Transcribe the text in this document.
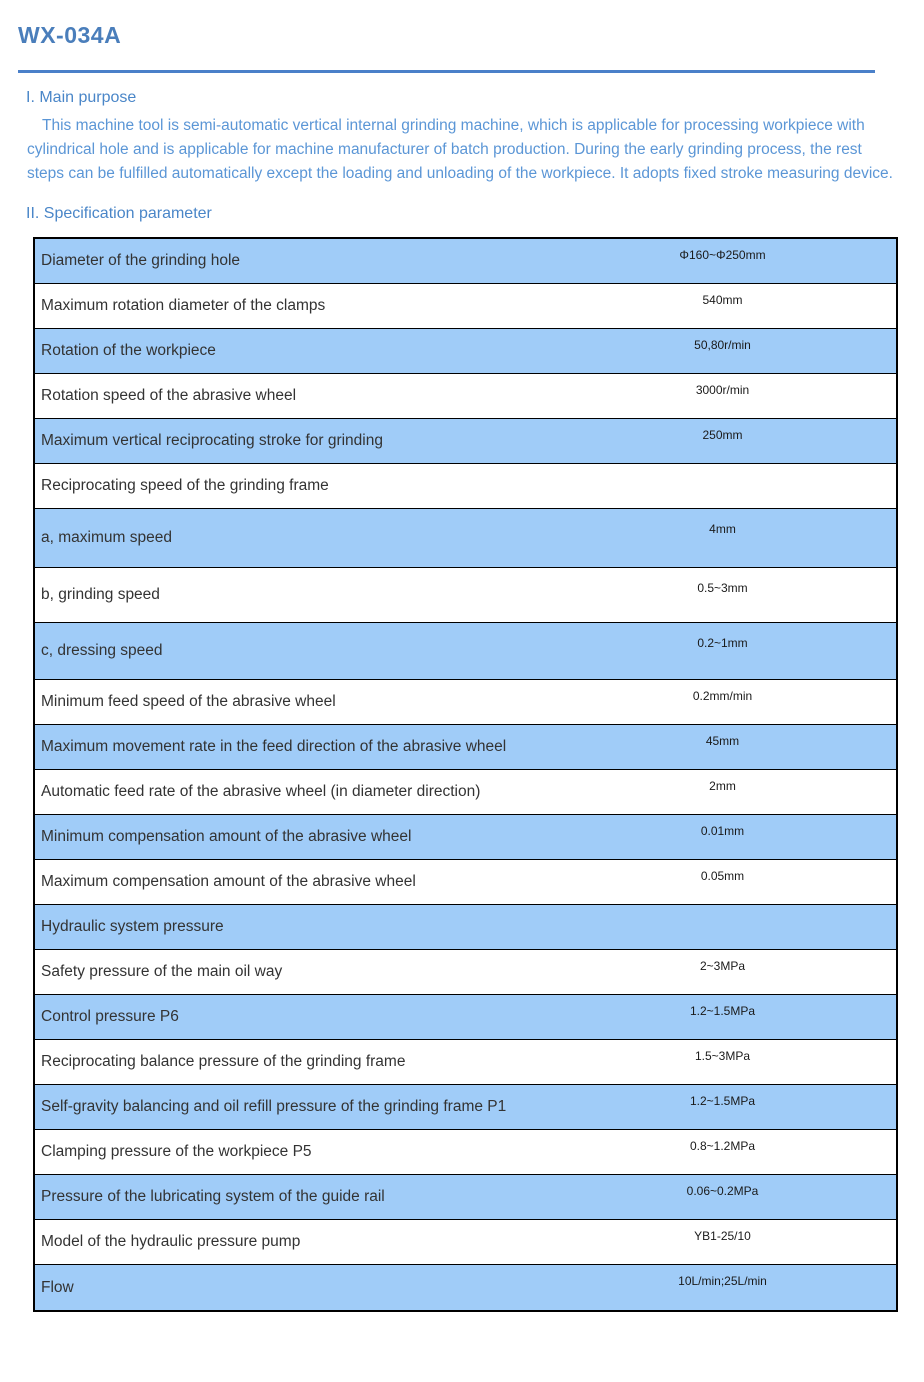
WX-034A
I. Main purpose
This machine tool is semi-automatic vertical internal grinding machine, which is applicable for processing workpiece with cylindrical hole and is applicable for machine manufacturer of batch production. During the early grinding process, the rest steps can be fulfilled automatically except the loading and unloading of the workpiece. It adopts fixed stroke measuring device.
II. Specification parameter
Diameter of the grinding hole	Φ160~Φ250mm
Maximum rotation diameter of the clamps	540mm
Rotation of the workpiece	50,80r/min
Rotation speed of the abrasive wheel	3000r/min
Maximum vertical reciprocating stroke for grinding	250mm
Reciprocating speed of the grinding frame
a, maximum speed	4mm
b, grinding speed	0.5~3mm
c, dressing speed	0.2~1mm
Minimum feed speed of the abrasive wheel	0.2mm/min
Maximum movement rate in the feed direction of the abrasive wheel	45mm
Automatic feed rate of the abrasive wheel (in diameter direction)	2mm
Minimum compensation amount of the abrasive wheel	0.01mm
Maximum compensation amount of the abrasive wheel	0.05mm
Hydraulic system pressure
Safety pressure of the main oil way	2~3MPa
Control pressure P6	1.2~1.5MPa
Reciprocating balance pressure of the grinding frame	1.5~3MPa
Self-gravity balancing and oil refill pressure of the grinding frame P1	1.2~1.5MPa
Clamping pressure of the workpiece P5	0.8~1.2MPa
Pressure of the lubricating system of the guide rail	0.06~0.2MPa
Model of the hydraulic pressure pump	YB1-25/10
Flow	10L/min;25L/min
